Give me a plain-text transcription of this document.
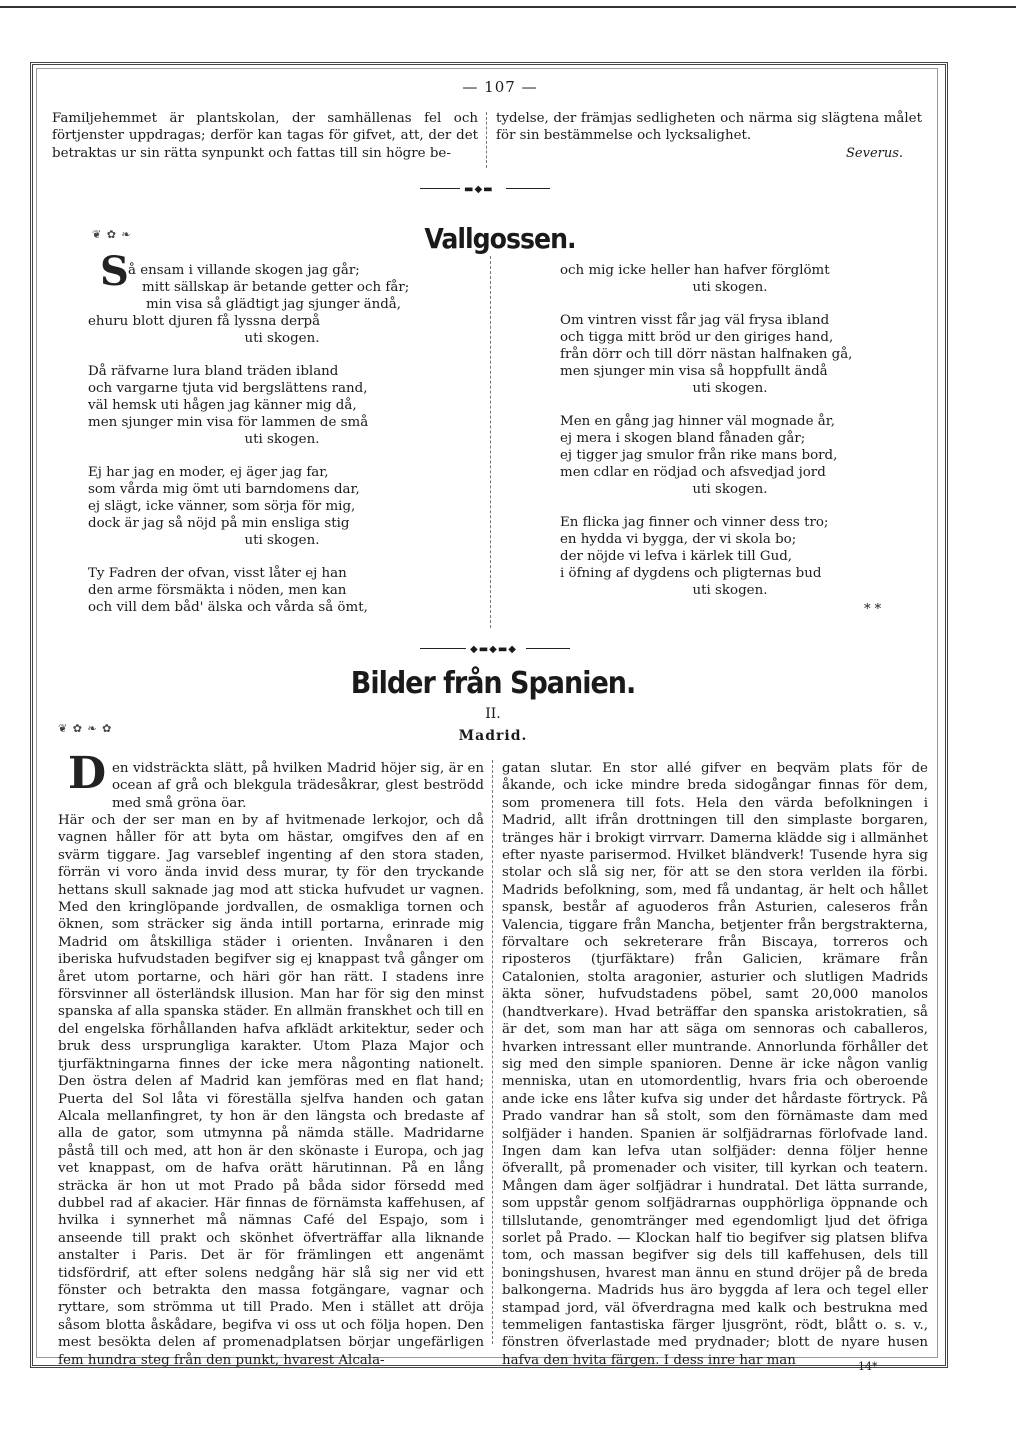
— 107 —

Familjehemmet är plantskolan, der samhällenas fel och förtjenster uppdragas; derför kan tagas för gifvet, att, der det betraktas ur sin rätta synpunkt och fattas till sin högre be-

tydelse, der främjas sedligheten och närma sig slägtena målet för sin bestämmelse och lycksalighet.

Severus.
▬◆▬
Vallgossen.
❦ ✿ ❧
S å ensam i villande skogen jag går;
mitt sällskap är betande getter och får;
min visa så glädtigt jag sjunger ändå,
ehuru blott djuren få lyssna derpå
uti skogen.
Då räfvarne lura bland träden ibland
och vargarne tjuta vid bergslättens rand,
väl hemsk uti hågen jag känner mig då,
men sjunger min visa för lammen de små
uti skogen.
Ej har jag en moder, ej äger jag far,
som vårda mig ömt uti barndomens dar,
ej slägt, icke vänner, som sörja för mig,
dock är jag så nöjd på min ensliga stig
uti skogen.
Ty Fadren der ofvan, visst låter ej han
den arme försmäkta i nöden, men kan
och vill dem båd' älska och vårda så ömt,
och mig icke heller han hafver förglömt
uti skogen.
Om vintren visst får jag väl frysa ibland
och tigga mitt bröd ur den giriges hand,
från dörr och till dörr nästan halfnaken gå,
men sjunger min visa så hoppfullt ändå
uti skogen.
Men en gång jag hinner väl mognade år,
ej mera i skogen bland fånaden går;
ej tigger jag smulor från rike mans bord,
men cdlar en rödjad och afsvedjad jord
uti skogen.
En flicka jag finner och vinner dess tro;
en hydda vi bygga, der vi skola bo;
der nöjde vi lefva i kärlek till Gud,
i öfning af dygdens och pligternas bud
uti skogen.
* *
◆▬◆▬◆
Bilder från Spanien.
II.
Madrid.
❦ ✿ ❧ ✿
D en vidsträckta slätt, på hvilken Madrid höjer sig, är en ocean af grå och blekgula trädesåkrar, glest beströdd med små gröna öar.

Här och der ser man en by af hvitmenade lerkojor, och då vagnen håller för att byta om hästar, omgifves den af en svärm tiggare. Jag varseblef ingenting af den stora staden, förrän vi voro ända invid dess murar, ty för den tryckande hettans skull saknade jag mod att sticka hufvudet ur vagnen. Med den kringlöpande jordvallen, de osmakliga tornen och öknen, som sträcker sig ända intill portarna, erinrade mig Madrid om åtskilliga städer i orienten. Invånaren i den iberiska hufvudstaden begifver sig ej knappast två gånger om året utom portarne, och häri gör han rätt. I stadens inre försvinner all österländsk illusion. Man har för sig den minst spanska af alla spanska städer. En allmän franskhet och till en del engelska förhållanden hafva afklädt arkitektur, seder och bruk dess ursprungliga karakter. Utom Plaza Major och tjurfäktningarna finnes der icke mera någonting nationelt. Den östra delen af Madrid kan jemföras med en flat hand; Puerta del Sol låta vi föreställa sjelfva handen och gatan Alcala mellanfingret, ty hon är den längsta och bredaste af alla de gator, som utmynna på nämda ställe. Madridarne påstå till och med, att hon är den skönaste i Europa, och jag vet knappast, om de hafva orätt härutinnan. På en lång sträcka är hon ut mot Prado på båda sidor försedd med dubbel rad af akacier. Här finnas de förnämsta kaffehusen, af hvilka i synnerhet må nämnas Café del Espajo, som i anseende till prakt och skönhet öfverträffar alla liknande anstalter i Paris. Det är för främlingen ett angenämt tidsfördrif, att efter solens nedgång här slå sig ner vid ett fönster och betrakta den massa fotgängare, vagnar och ryttare, som strömma ut till Prado. Men i stället att dröja såsom blotta åskådare, begifva vi oss ut och följa hopen. Den mest besökta delen af promenadplatsen börjar ungefärligen fem hundra steg från den punkt, hvarest Alcala-

gatan slutar. En stor allé gifver en beqväm plats för de åkande, och icke mindre breda sidogångar finnas för dem, som promenera till fots. Hela den värda befolkningen i Madrid, allt ifrån drottningen till den simplaste borgaren, tränges här i brokigt virrvarr. Damerna klädde sig i allmänhet efter nyaste parisermod. Hvilket bländverk! Tusende hyra sig stolar och slå sig ner, för att se den stora verlden ila förbi. Madrids befolkning, som, med få undantag, är helt och hållet spansk, består af aguoderos från Asturien, caleseros från Valencia, tiggare från Mancha, betjenter från bergstrakterna, förvaltare och sekreterare från Biscaya, torreros och riposteros (tjurfäktare) från Galicien, krämare från Catalonien, stolta aragonier, asturier och slutligen Madrids äkta söner, hufvudstadens pöbel, samt 20,000 manolos (handtverkare). Hvad beträffar den spanska aristokratien, så är det, som man har att säga om sennoras och caballeros, hvarken intressant eller muntrande. Annorlunda förhåller det sig med den simple spanioren. Denne är icke någon vanlig menniska, utan en utomordentlig, hvars fria och oberoende ande icke ens låter kufva sig under det hårdaste förtryck. På Prado vandrar han så stolt, som den förnämaste dam med solfjäder i handen. Spanien är solfjädrarnas förlofvade land. Ingen dam kan lefva utan solfjäder: denna följer henne öfverallt, på promenader och visiter, till kyrkan och teatern. Mången dam äger solfjädrar i hundratal. Det lätta surrande, som uppstår genom solfjädrarnas oupphörliga öppnande och tillslutande, genomtränger med egendomligt ljud det öfriga sorlet på Prado. — Klockan half tio begifver sig platsen blifva tom, och massan begifver sig dels till kaffehusen, dels till boningshusen, hvarest man ännu en stund dröjer på de breda balkongerna. Madrids hus äro byggda af lera och tegel eller stampad jord, väl öfverdragna med kalk och bestrukna med temmeligen fantastiska färger ljusgrönt, rödt, blått o. s. v., fönstren öfverlastade med prydnader; blott de nyare husen hafva den hvita färgen. I dess inre har man	14*
